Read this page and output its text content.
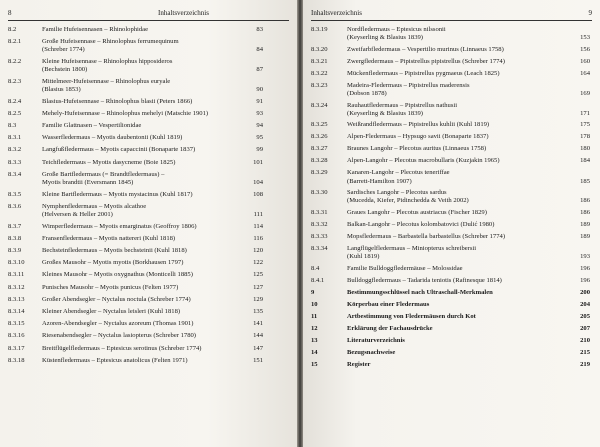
8	Inhaltsverzeichnis
8.2	Familie Hufeisennasen – Rhinolophidae	83
8.2.1	Große Hufeisennase – Rhinolophus ferrumequinum
(Schreber 1774)	84
8.2.2	Kleine Hufeisennase – Rhinolophus hipposideros
(Bechstein 1800)	87
8.2.3	Mittelmeer-Hufeisennase – Rhinolophus euryale
(Blasius 1853)	90
8.2.4	Blasius-Hufeisennase – Rhinolophus blasii (Peters 1866)	91
8.2.5	Mehely-Hufeisennase – Rhinolophus mehelyi (Matschie 1901)	93
8.3	Familie Glattnasen – Vespertilionidae	94
8.3.1	Wasserfledermaus – Myotis daubentonii (Kuhl 1819)	95
8.3.2	Langfußfledermaus – Myotis capaccinii (Bonaparte 1837)	99
8.3.3	Teichfledermaus – Myotis dasycneme (Boie 1825)	101
8.3.4	Große Bartfledermaus (= Brandtfledermaus) –
Myotis brandtii (Eversmann 1845)	104
8.3.5	Kleine Bartfledermaus – Myotis mystacinus (Kuhl 1817)	108
8.3.6	Nymphenfledermaus – Myotis alcathoe
(Helversen & Heller 2001)	111
8.3.7	Wimperfledermaus – Myotis emarginatus (Geoffroy 1806)	114
8.3.8	Fransenfledermaus – Myotis nattereri (Kuhl 1818)	116
8.3.9	Bechsteinfledermaus – Myotis bechsteinii (Kuhl 1818)	120
8.3.10	Großes Mausohr – Myotis myotis (Borkhausen 1797)	122
8.3.11	Kleines Mausohr – Myotis oxygnathus (Monticelli 1885)	125
8.3.12	Punisches Mausohr – Myotis punicus (Felten 1977)	127
8.3.13	Großer Abendsegler – Nyctalus noctula (Schreber 1774)	129
8.3.14	Kleiner Abendsegler – Nyctalus leisleri (Kuhl 1818)	135
8.3.15	Azoren-Abendsegler – Nyctalus azoreum (Thomas 1901)	141
8.3.16	Riesenabendsegler – Nyctalus lasiopterus (Schreber 1780)	144
8.3.17	Breitflügelfledermaus – Eptesicus serotinus (Schreber 1774)	147
8.3.18	Küstenfledermaus – Eptesicus anatolicus (Felten 1971)	151
Inhaltsverzeichnis	9
8.3.19	Nordfledermaus – Eptesicus nilssonii
(Keyserling & Blasius 1839)	153
8.3.20	Zweifarbfledermaus – Vespertilio murinus (Linnaeus 1758)	156
8.3.21	Zwergfledermaus – Pipistrellus pipistrellus (Schreber 1774)	160
8.3.22	Mückenfledermaus – Pipistrellus pygmaeus (Leach 1825)	164
8.3.23	Madeira-Fledermaus – Pipistrellus maderensis
(Dobson 1878)	169
8.3.24	Rauhautfledermaus – Pipistrellus nathusii
(Keyserling & Blasius 1839)	171
8.3.25	Weißrandfledermaus – Pipistrellus kuhlii (Kuhl 1819)	175
8.3.26	Alpen-Fledermaus – Hypsugo savii (Bonaparte 1837)	178
8.3.27	Braunes Langohr – Plecotus auritus (Linnaeus 1758)	180
8.3.28	Alpen-Langohr – Plecotus macrobullaris (Kuzjakin 1965)	184
8.3.29	Kanaren-Langohr – Plecotus teneriffae
(Barrett-Hamilton 1907)	185
8.3.30	Sardisches Langohr – Plecotus sardus
(Mucedda, Kiefer, Pidinchedda & Veith 2002)	186
8.3.31	Graues Langohr – Plecotus austriacus (Fischer 1829)	186
8.3.32	Balkan-Langohr – Plecotus kolombatovici (Dulić 1980)	189
8.3.33	Mopsfledermaus – Barbastella barbastellus (Schreber 1774)	189
8.3.34	Langflügelfledermaus – Miniopterus schreibersii
(Kuhl 1819)	193
8.4	Familie Bulldoggfledermäuse – Molossidae	196
8.4.1	Bulldoggfledermaus – Tadarida teniotis (Rafinesque 1814)	196
9	Bestimmungsschlüssel nach Ultraschall-Merkmalen	200
10	Körperbau einer Fledermaus	204
11	Artbestimmung von Fledermäusen durch Kot	205
12	Erklärung der Fachausdrücke	207
13	Literaturverzeichnis	210
14	Bezugsnachweise	215
15	Register	219
